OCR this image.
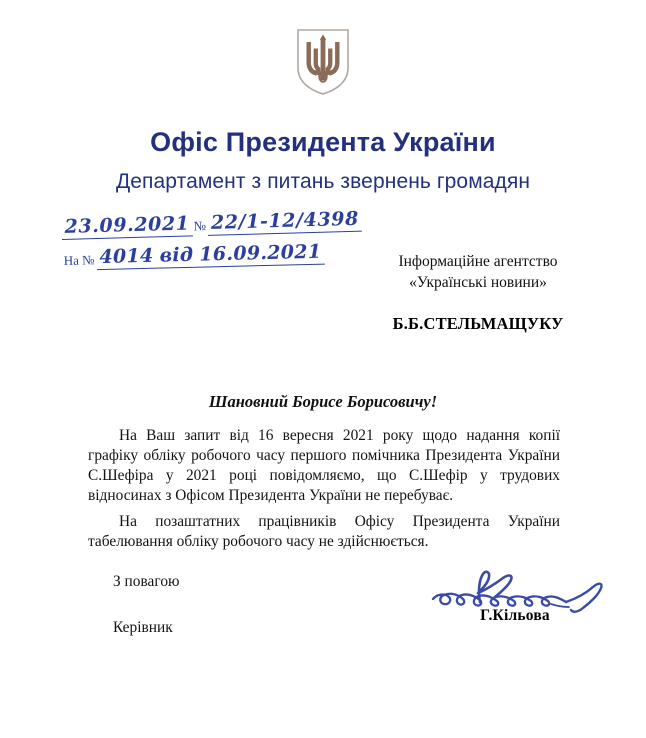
Офіс Президента України
Департамент з питань звернень громадян
23.09.2021 № 22/1-12/4398
На № 4014 від 16.09.2021	Інформаційне агентство
«Українські новини»
Б.Б.СТЕЛЬМАЩУКУ
Шановний Борисе Борисовичу!

На Ваш запит від 16 вересня 2021 року щодо надання копії графіку обліку робочого часу першого помічника Президента України С.Шефіра у 2021 році повідомляємо, що С.Шефір у трудових відносинах з Офісом Президента України не перебуває.

На позаштатних працівників Офісу Президента України табелювання обліку робочого часу не здійснюється.

З повагою
Керівник
Г.Кільова
